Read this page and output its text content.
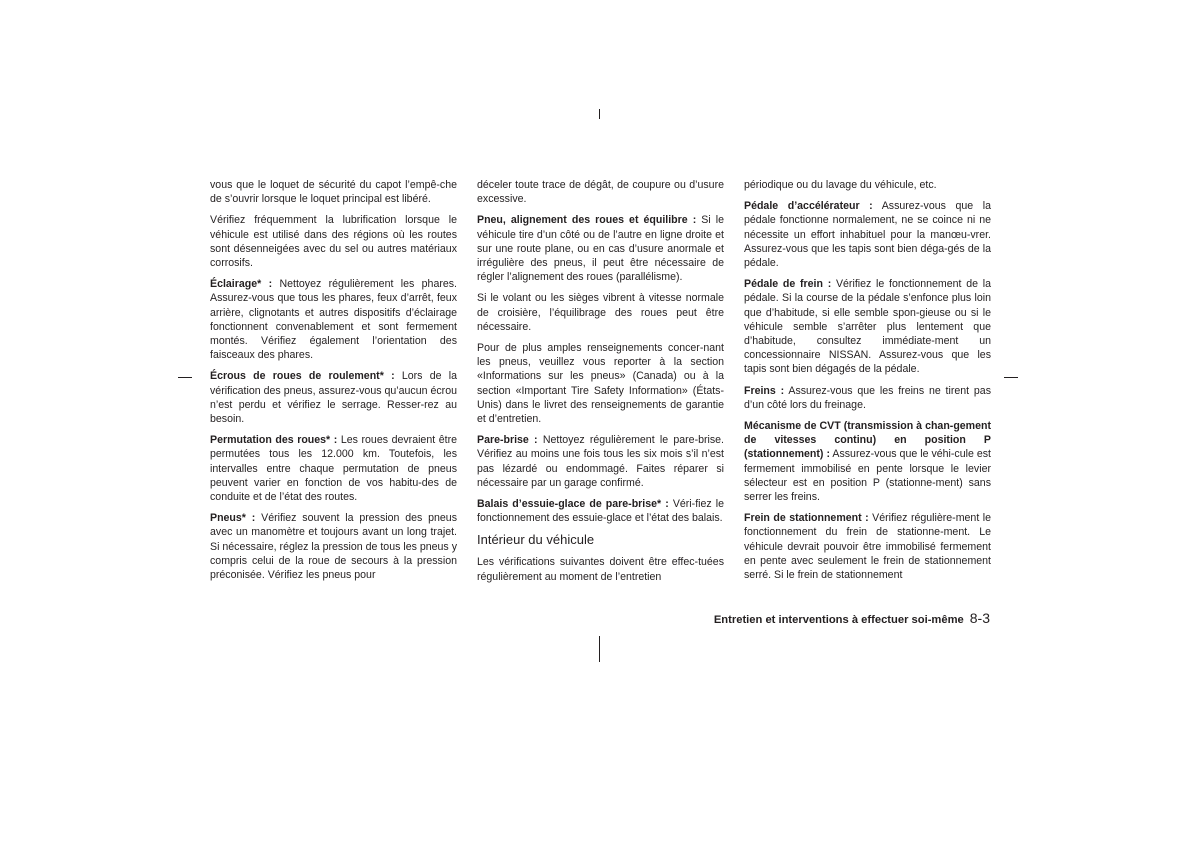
vous que le loquet de sécurité du capot l’empê-che de s’ouvrir lorsque le loquet principal est libéré.

Vérifiez fréquemment la lubrification lorsque le véhicule est utilisé dans des régions où les routes sont désenneigées avec du sel ou autres matériaux corrosifs.

Éclairage* : Nettoyez régulièrement les phares. Assurez-vous que tous les phares, feux d’arrêt, feux arrière, clignotants et autres dispositifs d’éclairage fonctionnent convenablement et sont fermement montés. Vérifiez également l’orientation des faisceaux des phares.

Écrous de roues de roulement* : Lors de la vérification des pneus, assurez-vous qu’aucun écrou n’est perdu et vérifiez le serrage. Resser-rez au besoin.

Permutation des roues* : Les roues devraient être permutées tous les 12.000 km. Toutefois, les intervalles entre chaque permutation de pneus peuvent varier en fonction de vos habitu-des de conduite et de l’état des routes.

Pneus* : Vérifiez souvent la pression des pneus avec un manomètre et toujours avant un long trajet. Si nécessaire, réglez la pression de tous les pneus y compris celui de la roue de secours à la pression préconisée. Vérifiez les pneus pour

déceler toute trace de dégât, de coupure ou d’usure excessive.

Pneu, alignement des roues et équilibre : Si le véhicule tire d’un côté ou de l’autre en ligne droite et sur une route plane, ou en cas d’usure anormale et irrégulière des pneus, il peut être nécessaire de régler l’alignement des roues (parallélisme).

Si le volant ou les sièges vibrent à vitesse normale de croisière, l’équilibrage des roues peut être nécessaire.

Pour de plus amples renseignements concer-nant les pneus, veuillez vous reporter à la section «Informations sur les pneus» (Canada) ou à la section «Important Tire Safety Information» (États-Unis) dans le livret des renseignements de garantie et d’entretien.

Pare-brise : Nettoyez régulièrement le pare-brise. Vérifiez au moins une fois tous les six mois s’il n’est pas lézardé ou endommagé. Faites réparer si nécessaire par un garage confirmé.

Balais d’essuie-glace de pare-brise* : Véri-fiez le fonctionnement des essuie-glace et l’état des balais.

Intérieur du véhicule

Les vérifications suivantes doivent être effec-tuées régulièrement au moment de l’entretien

périodique ou du lavage du véhicule, etc.

Pédale d’accélérateur : Assurez-vous que la pédale fonctionne normalement, ne se coince ni ne nécessite un effort inhabituel pour la manœu-vrer. Assurez-vous que les tapis sont bien déga-gés de la pédale.

Pédale de frein : Vérifiez le fonctionnement de la pédale. Si la course de la pédale s’enfonce plus loin que d’habitude, si elle semble spon-gieuse ou si le véhicule semble s’arrêter plus lentement que d’habitude, consultez immédiate-ment un concessionnaire NISSAN. Assurez-vous que les tapis sont bien dégagés de la pédale.

Freins : Assurez-vous que les freins ne tirent pas d’un côté lors du freinage.

Mécanisme de CVT (transmission à chan-gement de vitesses continu) en position P (stationnement) : Assurez-vous que le véhi-cule est fermement immobilisé en pente lorsque le levier sélecteur est en position P (stationne-ment) sans serrer les freins.

Frein de stationnement : Vérifiez régulière-ment le fonctionnement du frein de stationne-ment. Le véhicule devrait pouvoir être immobilisé fermement en pente avec seulement le frein de stationnement serré. Si le frein de stationnement

Entretien et interventions à effectuer soi-même 8-3
